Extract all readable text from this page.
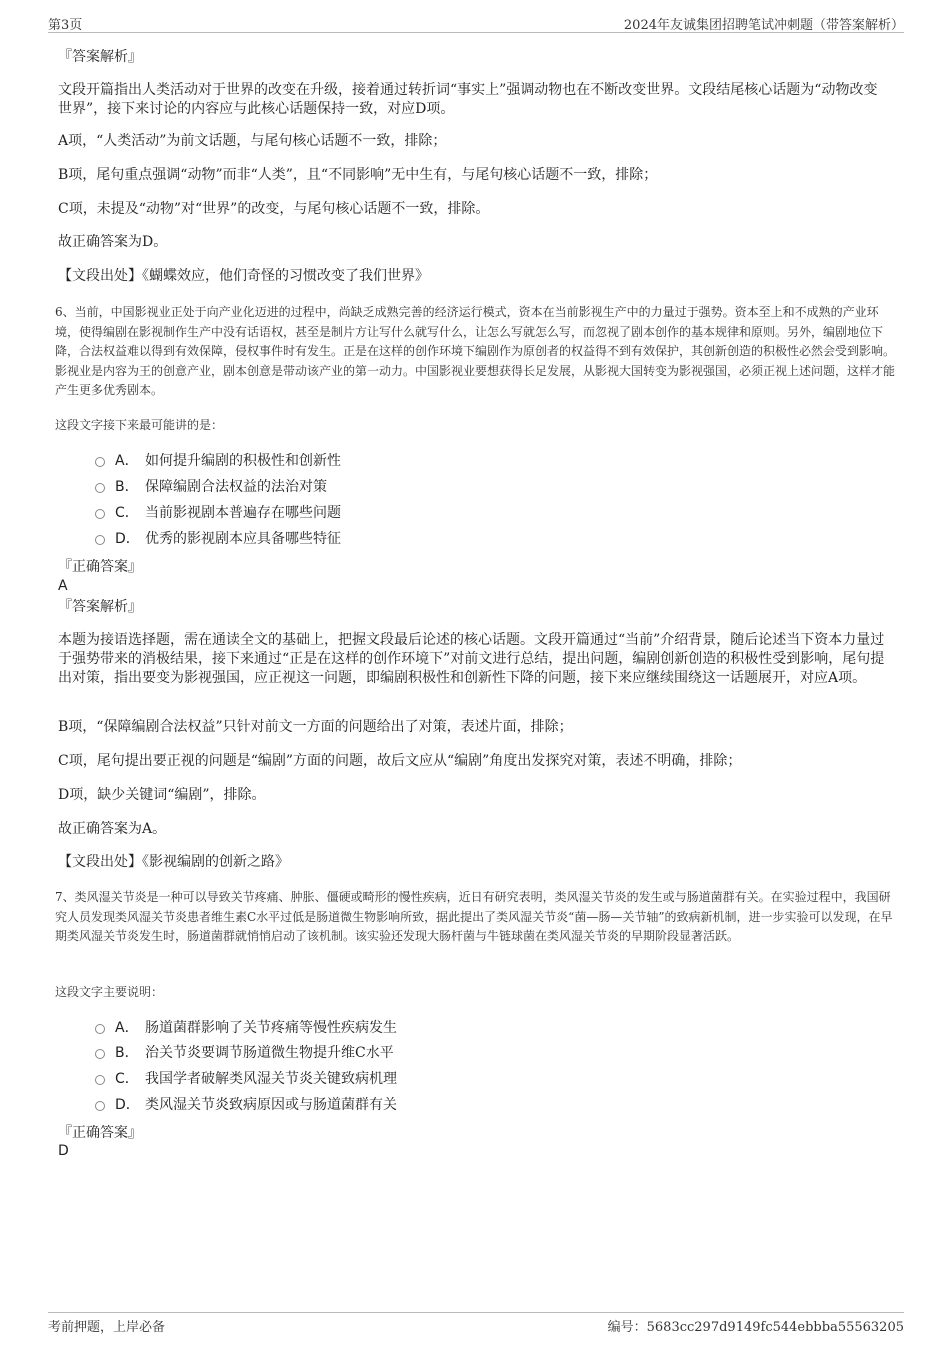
第3页	2024年友诚集团招聘笔试冲刺题（带答案解析）
『答案解析』

文段开篇指出人类活动对于世界的改变在升级，接着通过转折词“事实上”强调动物也在不断改变世界。文段结尾核心话题为“动物改变世界”，接下来讨论的内容应与此核心话题保持一致，对应D项。

A项，“人类活动”为前文话题，与尾句核心话题不一致，排除；

B项，尾句重点强调“动物”而非“人类”，且“不同影响”无中生有，与尾句核心话题不一致，排除；

C项，未提及“动物”对“世界”的改变，与尾句核心话题不一致，排除。

故正确答案为D。

【文段出处】《蝴蝶效应，他们奇怪的习惯改变了我们世界》

6、当前，中国影视业正处于向产业化迈进的过程中，尚缺乏成熟完善的经济运行模式，资本在当前影视生产中的力量过于强势。资本至上和不成熟的产业环境，使得编剧在影视制作生产中没有话语权，甚至是制片方让写什么就写什么，让怎么写就怎么写，而忽视了剧本创作的基本规律和原则。另外，编剧地位下降，合法权益难以得到有效保障，侵权事件时有发生。正是在这样的创作环境下编剧作为原创者的权益得不到有效保护，其创新创造的积极性必然会受到影响。影视业是内容为王的创意产业，剧本创意是带动该产业的第一动力。中国影视业要想获得长足发展，从影视大国转变为影视强国，必须正视上述问题，这样才能产生更多优秀剧本。

这段文字接下来最可能讲的是：

A． 如何提升编剧的积极性和创新性
B． 保障编剧合法权益的法治对策
C． 当前影视剧本普遍存在哪些问题
D． 优秀的影视剧本应具备哪些特征
『正确答案』
A
『答案解析』

本题为接语选择题，需在通读全文的基础上，把握文段最后论述的核心话题。文段开篇通过“当前”介绍背景，随后论述当下资本力量过于强势带来的消极结果，接下来通过“正是在这样的创作环境下”对前文进行总结，提出问题，编剧创新创造的积极性受到影响，尾句提出对策，指出要变为影视强国，应正视这一问题，即编剧积极性和创新性下降的问题，接下来应继续围绕这一话题展开，对应A项。

B项，“保障编剧合法权益”只针对前文一方面的问题给出了对策，表述片面，排除；

C项，尾句提出要正视的问题是“编剧”方面的问题，故后文应从“编剧”角度出发探究对策，表述不明确，排除；

D项，缺少关键词“编剧”，排除。

故正确答案为A。

【文段出处】《影视编剧的创新之路》

7、类风湿关节炎是一种可以导致关节疼痛、肿胀、僵硬或畸形的慢性疾病，近日有研究表明，类风湿关节炎的发生或与肠道菌群有关。在实验过程中，我国研究人员发现类风湿关节炎患者维生素C水平过低是肠道微生物影响所致，据此提出了类风湿关节炎“菌—肠—关节轴”的致病新机制，进一步实验可以发现，在早期类风湿关节炎发生时，肠道菌群就悄悄启动了该机制。该实验还发现大肠杆菌与牛链球菌在类风湿关节炎的早期阶段显著活跃。

这段文字主要说明：

A． 肠道菌群影响了关节疼痛等慢性疾病发生
B． 治关节炎要调节肠道微生物提升维C水平
C． 我国学者破解类风湿关节炎关键致病机理
D． 类风湿关节炎致病原因或与肠道菌群有关
『正确答案』
D
考前押题，上岸必备	编号：5683cc297d9149fc544ebbba55563205
